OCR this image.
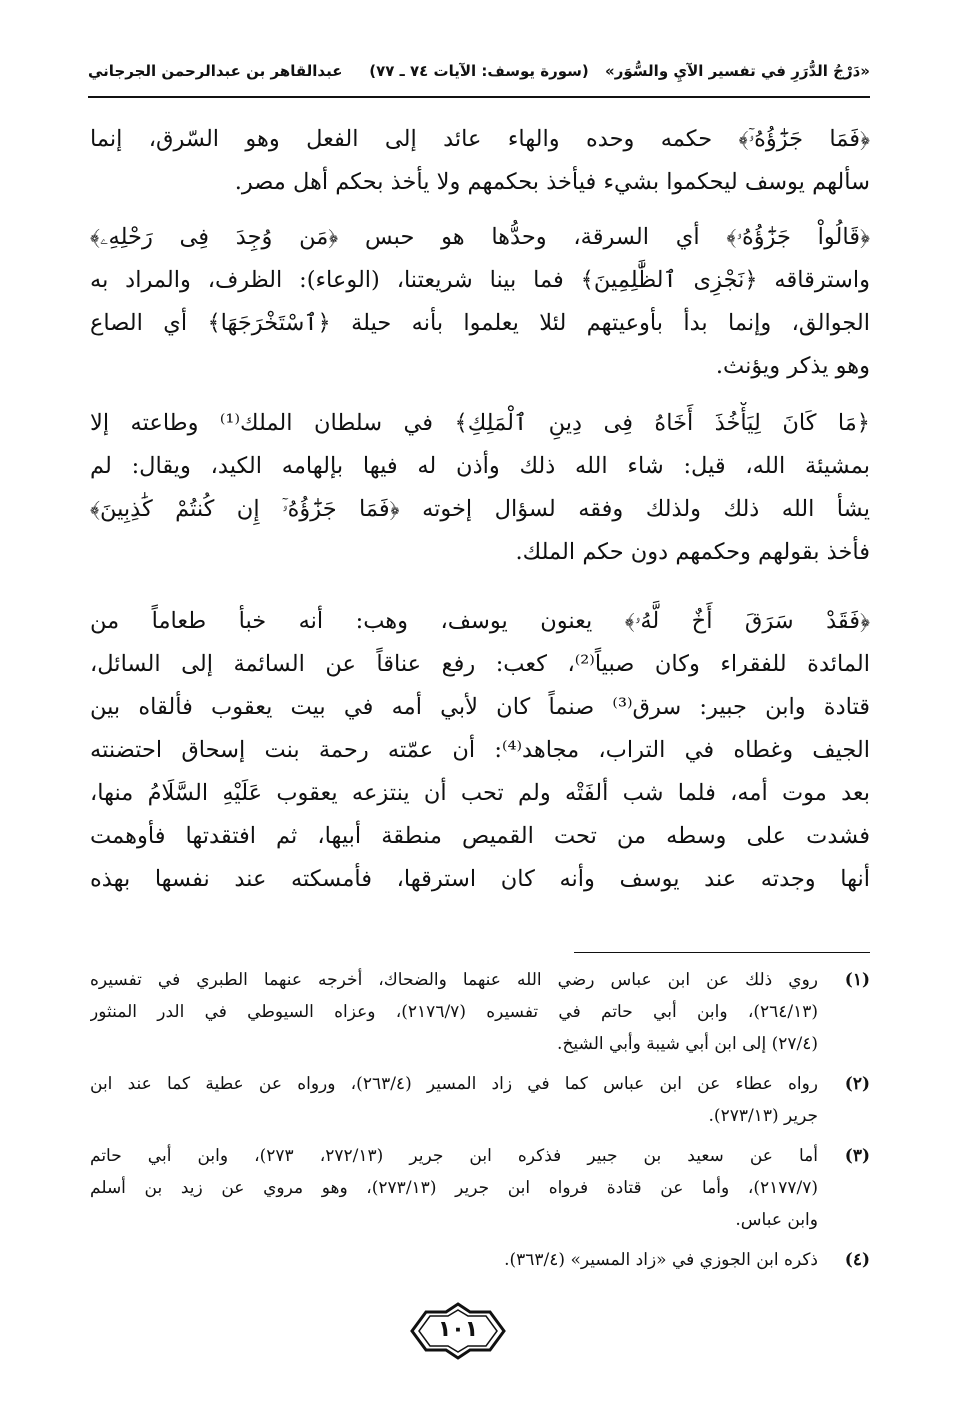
«دَرْجُ الدُّرَرِ في تفسير الآيِ والسُّوَر»
(سورة يوسف: الآيات ٧٤ ـ ٧٧)
عبدالقاهر بن عبدالرحمن الجرجاني

﴿فَمَا جَزَٰٓؤُهُۥٓ﴾ حكمه وحده والهاء عائد إلى الفعل وهو السّرق، إنما
سألهم يوسف ليحكموا بشيء فيأخذ بحكمهم ولا يأخذ بحكم أهل مصر.

﴿قَالُواْ جَزَٰٓؤُهُۥ﴾ أي السرقة، وحدُّها هو حبس ﴿مَن وُجِدَ فِى رَحْلِهِۦ﴾
واسترقاقه ﴿نَجْزِى ٱلظَّٰلِمِينَ﴾ فما بينا شريعتنا، (الوعاء): الظرف، والمراد به
الجوالق، وإنما بدأ بأوعيتهم لئلا يعلموا بأنه حيلة ﴿ٱسْتَخْرَجَهَا﴾ أي الصاع
وهو يذكر ويؤنث.

﴿مَا كَانَ لِيَأْخُذَ أَخَاهُ فِى دِينِ ٱلْمَلِكِ﴾ في سلطان الملك⁽¹⁾ وطاعته إلا
بمشيئة الله، قيل: شاء الله ذلك وأذن له فيها بإلهامه الكيد، ويقال: لم
يشأ الله ذلك ولذلك وفقه لسؤال إخوته ﴿فَمَا جَزَٰٓؤُهُۥٓ إِن كُنتُمْ كَٰذِبِينَ﴾
فأخذ بقولهم وحكمهم دون حكم الملك.

﴿فَقَدْ سَرَقَ أَخٌ لَّهُۥ﴾ يعنون يوسف، وهب: أنه خبأ طعاماً من
المائدة للفقراء وكان صبياً⁽²⁾، كعب: رفع عناقاً عن السائمة إلى السائل،
قتادة وابن جبير: سرق⁽³⁾ صنماً كان لأبي أمه في بيت يعقوب فألقاه بين
الجيف وغطاه في التراب، مجاهد⁽⁴⁾: أن عمّته رحمة بنت إسحاق احتضنته
بعد موت أمه، فلما شب ألفَتْه ولم تحب أن ينتزعه يعقوب عَلَيْهِ السَّلَامُ منها،
فشدت على وسطه من تحت القميص منطقة أبيها، ثم افتقدتها فأوهمت
أنها وجدته عند يوسف وأنه كان استرقها، فأمسكته عند نفسها بهذه

(١)
روي ذلك عن ابن عباس رضي الله عنهما والضحاك، أخرجه عنهما الطبري في تفسيره
(٢٦٤/١٣)، وابن أبي حاتم في تفسيره (٢١٧٦/٧)، وعزاه السيوطي في الدر المنثور
(٢٧/٤) إلى ابن أبي شيبة وأبي الشيخ.
(٢)
رواه عطاء عن ابن عباس كما في زاد المسير (٢٦٣/٤)، ورواه عن عطية كما عند ابن
جرير (٢٧٣/١٣).
(٣)
أما عن سعيد بن جبير فذكره ابن جرير (٢٧٢/١٣، ٢٧٣)، وابن أبي حاتم
(٢١٧٧/٧)، وأما عن قتادة فرواه ابن جرير (٢٧٣/١٣)، وهو مروي عن زيد بن أسلم
وابن عباس.
(٤)
ذكره ابن الجوزي في «زاد المسير» (٣٦٣/٤).
١٠١
